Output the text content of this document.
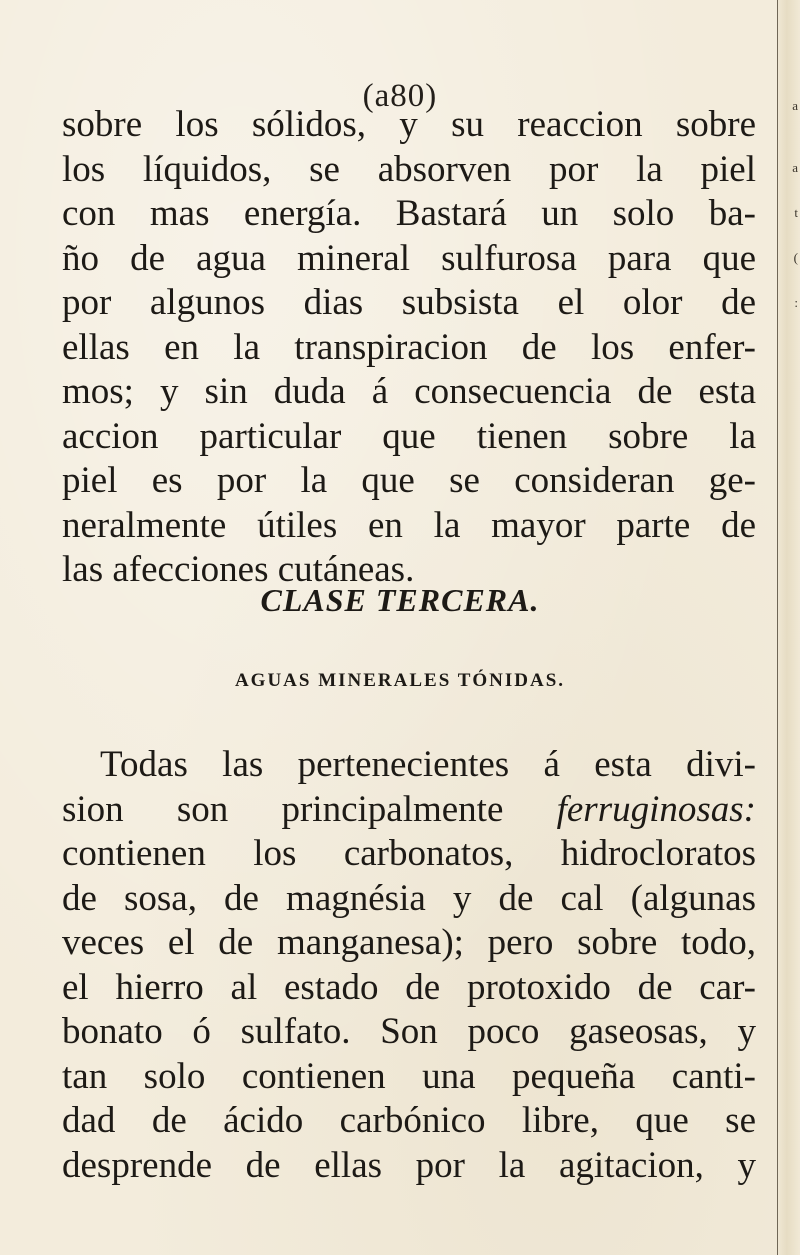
a
a
t
(
:
(a80)
sobre los sólidos, y su reaccion sobre
los líquidos, se absorven por la piel
con mas energía. Bastará un solo ba-
ño de agua mineral sulfurosa para que
por algunos dias subsista el olor de
ellas en la transpiracion de los enfer-
mos; y sin duda á consecuencia de esta
accion particular que tienen sobre la
piel es por la que se consideran ge-
neralmente útiles en la mayor parte de
las afecciones cutáneas.
CLASE TERCERA.
AGUAS MINERALES TÓNIDAS.
Todas las pertenecientes á esta divi-
sion son principalmente ferruginosas:
contienen los carbonatos, hidrocloratos
de sosa, de magnésia y de cal (algunas
veces el de manganesa); pero sobre todo,
el hierro al estado de protoxido de car-
bonato ó sulfato. Son poco gaseosas, y
tan solo contienen una pequeña canti-
dad de ácido carbónico libre, que se
desprende de ellas por la agitacion, y
